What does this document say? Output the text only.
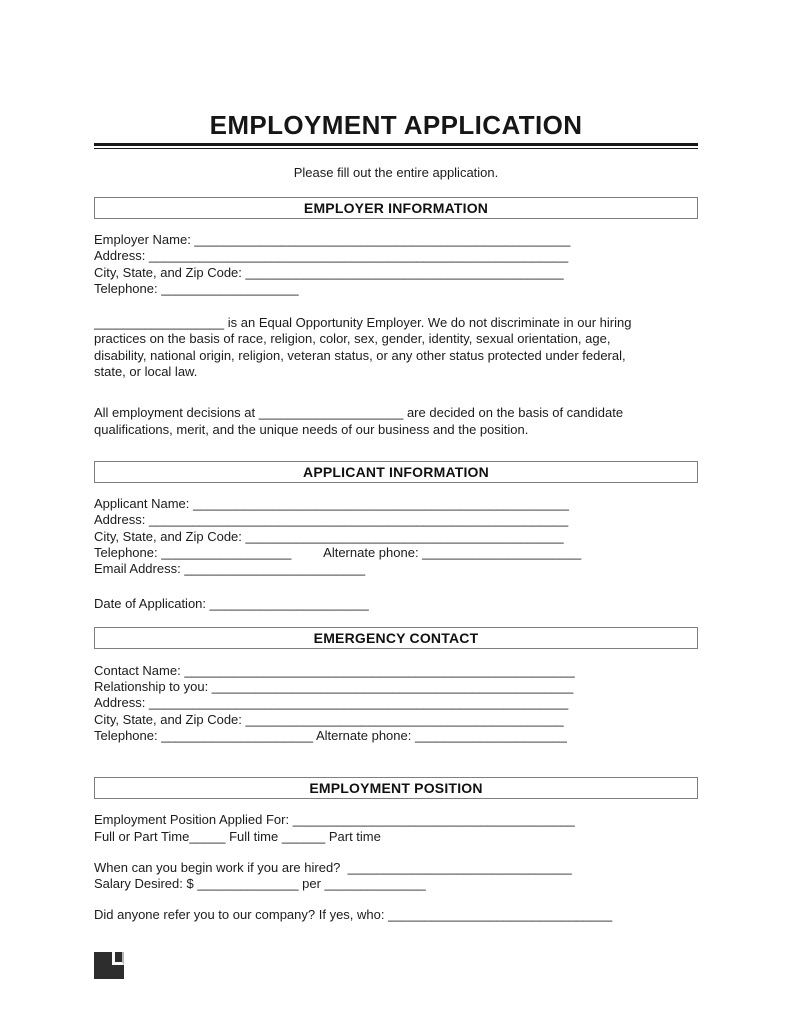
EMPLOYMENT APPLICATION
Please fill out the entire application.
EMPLOYER INFORMATION
Employer Name: ____________________________________________________
Address: __________________________________________________________
City, State, and Zip Code: ____________________________________________
Telephone: ___________________
__________________ is an Equal Opportunity Employer. We do not discriminate in our hiring
practices on the basis of race, religion, color, sex, gender, identity, sexual orientation, age,
disability, national origin, religion, veteran status, or any other status protected under federal,
state, or local law.
All employment decisions at ____________________ are decided on the basis of candidate
qualifications, merit, and the unique needs of our business and the position.
APPLICANT INFORMATION
Applicant Name: ____________________________________________________
Address: __________________________________________________________
City, State, and Zip Code: ____________________________________________
Telephone: __________________         Alternate phone: ______________________
Email Address: _________________________
Date of Application: ______________________
EMERGENCY CONTACT
Contact Name: ______________________________________________________
Relationship to you: __________________________________________________
Address: __________________________________________________________
City, State, and Zip Code: ____________________________________________
Telephone: _____________________ Alternate phone: _____________________
EMPLOYMENT POSITION
Employment Position Applied For: _______________________________________
Full or Part Time_____ Full time ______ Part time
When can you begin work if you are hired?  _______________________________
Salary Desired: $ ______________ per ______________
Did anyone refer you to our company? If yes, who: _______________________________
